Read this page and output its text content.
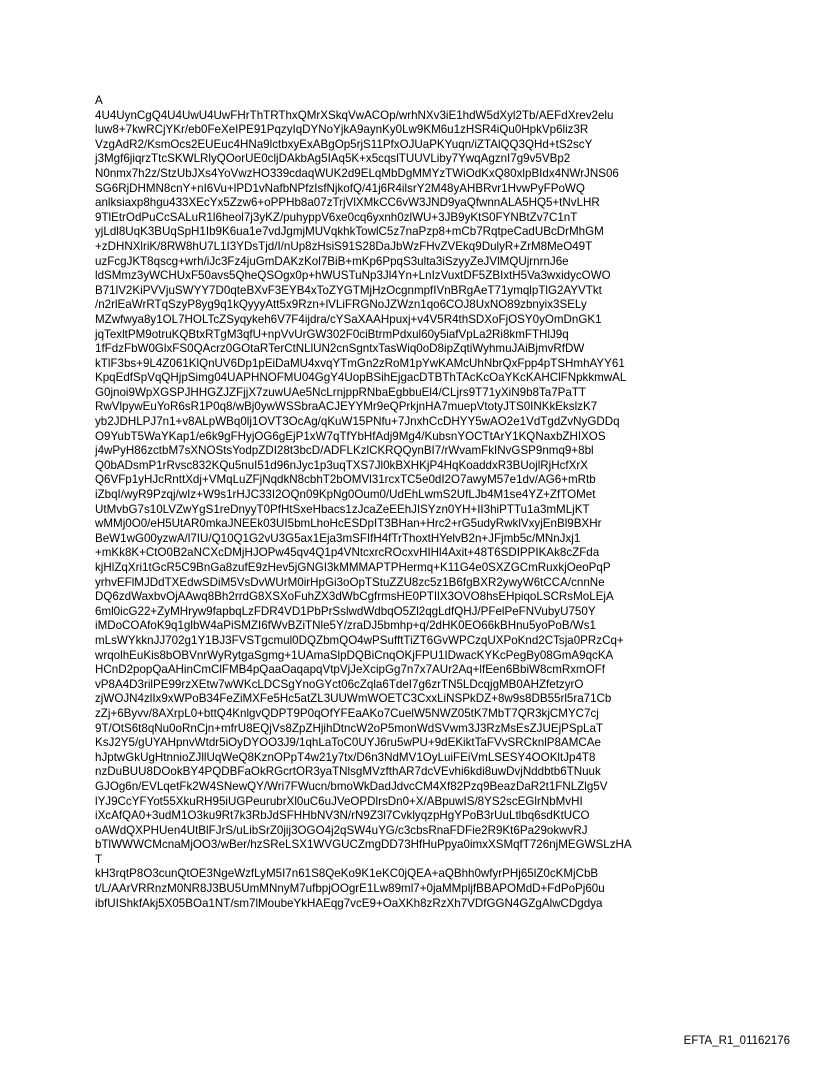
A
4U4UynCgQ4U4UwU4UwFHrThTRThxQMrXSkqVwACOp/wrhNXv3iE1hdW5dXyl2Tb/AEFdXrev2elu
luw8+7kwRCjYKr/eb0FeXeIPE91PqzyIqDYNoYjkA9aynKy0Lw9KM6u1zHSR4iQu0HpkVp6liz3R
VzgAdR2/KsmOcs2EUEuc4HNa9lctbxyExABgOp5rjS11PfxOJUaPKYuqn/iZTAlQQ3QHd+tS2scY
j3Mgf6jiqrzTtcSKWLRlyQOorUE0cljDAkbAg5IAq5K+x5cqslTUUVLiby7YwqAgznI7g9v5VBp2
N0nmx7h2z/StzUbJXs4YoVwzHO339cdaqWUK2d9ELqMbDgMMYzTWiOdKxQ80xlpBIdx4NWrJNS06
SG6RjDHMN8cnY+nI6Vu+lPD1vNafbNPfzIsfNjkofQ/41j6R4ilsrY2M48yAHBRvr1HvwPyFPoWQ
anlksiaxp8hgu433XEcYx5Zzw6+oPPHb8a07zTrjVlXMkCC6vW3JND9yaQfwnnALA5HQ5+tNvLHR
9TlEtrOdPuCcSALuR1l6heol7j3yKZ/puhyppV6xe0cq6yxnh0zlWU+3JB9yKtS0FYNBtZv7C1nT
yjLdl8UqK3BUqSpH1Ib9K6ua1e7vdJgmjMUVqkhkTowlC5z7naPzp8+mCb7RqtpeCadUBcDrMhGM
+zDHNXlriK/8RW8hU7L1I3YDsTjd/I/nUp8zHsiS91S28DaJbWzFHvZVEkq9DulyR+ZrM8MeO49T
uzFcgJKT8qscg+wrh/iJc3Fz4juGmDAKzKol7BiB+mKp6PpqS3ulta3iSzyyZeJVlMQUjrnrnJ6e
ldSMmz3yWCHUxF50avs5QheQSOgx0p+hWUSTuNp3Jl4Yn+LnIzVuxtDF5ZBIxtH5Va3wxidycOWO
B71lV2KiPVVjuSWYY7D0qteBXvF3EYB4xToZYGTMjHzOcgnmpfIVnBRgAeT71ymqlpTlG2AYVTkt
/n2rlEaWrRTqSzyP8yg9q1kQyyyAtt5x9Rzn+lVLiFRGNoJZWzn1qo6COJ8UxNO89zbnyix3SELy
MZwfwya8y1OL7HOLTcZSyqykeh6V7F4ijdra/cYSaXAAHpuxj+v4V5R4thSDXoFjOSY0yOmDnGK1
jqTexltPM9otruKQBtxRTgM3qfU+npVvUrGW302F0ciBtrmPdxul60y5iafVpLa2Ri8kmFTHlJ9q
1fFdzFbW0GlxFS0QAcrz0GOtaRTerCtNLlUN2cnSgntxTasWiq0oD8ipZqtiWyhmuJAiBjmvRfDW
kTlF3bs+9L4Z061KlQnUV6Dp1pEiDaMU4xvqYTmGn2zRoM1pYwKAMcUhNbrQxFpp4pTSHmhAYY61
KpqEdfSpVqQHjpSimg04UAPHNOFMU04GgY4UopBSihEjgacDTBThTAcKcOaYKcKAHClFNpkkmwAL
G0jnoi9WpXGSPJHHGZJZFjjX7zuwUAe5NcLrnjppRNbaEgbbuEl4/CLjrs9T71yXiN9b8Ta7PaTT
RwVlpywEuYoR6sR1P0q8/wBj0ywWSSbraACJEYYMr9eQPrkjnHA7muepVtotyJTS0INKkEkslzK7
yb2JDHLPJ7n1+v8ALpWBq0lj1OVT3OcAg/qKuW15PNfu+7JnxhCcDHYY5wAO2e1VdTgdZvNyGDDq
O9YubT5WaYKap1/e6k9gFHyjOG6gEjP1xW7qTfYbHfAdj9Mg4/KubsnYOCTtArY1KQNaxbZHIXOS
j4wPyH86zctbM7sXNOStsYodpZDI28t3bcD/ADFLKzlCKRQQynBI7/rWvamFkINvGSP9nmq9+8bl
Q0bADsmP1rRvsc832KQu5nuI51d96nJyc1p3uqTXS7Jl0kBXHKjP4HqKoaddxR3BUojlRjHcfXrX
Q6VFp1yHJcRnttXdj+VMqLuZFjNqdkN8cbhT2bOMVl31rcxTC5e0dI2O7awyM57e1dv/AG6+mRtb
iZbqI/wyR9Pzqj/wIz+W9s1rHJC33I2OQn09KpNg0Oum0/UdEhLwmS2UfLJb4M1se4YZ+ZfTOMet
UtMvbG7s10LVZwYgS1reDnyyT0PfHtSxeHbacs1zJcaZeEEhJISYzn0YH+II3hiPTTu1a3mMLjKT
wMMj0O0/eH5UtAR0mkaJNEEk03UI5bmLhoHcESDpIT3BHan+Hrc2+rG5udyRwklVxyjEnBl9BXHr
BeW1wG00yzwA/l7IU/Q10Q1G2vU3G5ax1Eja3mSFIfH4fTrThoxtHYelvB2n+JFjmb5c/MNnJxj1
+mKk8K+CtO0B2aNCXcDMjHJOPw45qv4Q1p4VNtcxrcROcxvHIHl4Axit+48T6SDIPPIKAk8cZFda
kjHlZqXri1tGcR5C9BnGa8zufE9zHev5jGNGI3kMMMAPTPHermq+K11G4e0SXZGCmRuxkjOeoPqP
yrhvEFlMJDdTXEdwSDiM5VsDvWUrM0irHpGi3oOpTStuZZU8zc5z1B6fgBXR2ywyW6tCCA/cnnNe
DQ6zdWaxbvOjAAwq8Bh2rrdG8XSXoFuhZX3dWbCgfrmsHE0PTIlX3OVO8hsEHpiqoLSCRsMoLEjA
6ml0icG22+ZyMHryw9fapbqLzFDR4VD1PbPrSslwdWdbqO5Zl2qgLdfQHJ/PFelPeFNVubyU750Y
iMDoCOAfoK9q1glbW4aPiSMZI6fWvBZiTNle5Y/zraDJ5bmhp+q/2dHK0EO66kBHnu5yoPoB/Ws1
mLsWYkknJJ702g1Y1BJ3FVSTgcmul0DQZbmQO4wPSufftTiZT6GvWPCzqUXPoKnd2CTsja0PRzCq+
wrqolhEuKis8bOBVnrWyRytgaSgmg+1UAmaSlpDQBiCnqOKjFPU1IDwacKYKcPegBy08GmA9qcKA
HCnD2popQaAHinCmClFMB4pQaaOaqapqVtpVjJeXcipGg7n7x7AUr2Aq+lfEen6BbiW8cmRxmOFf
vP8A4D3rilPE99rzXEtw7wWKcLDCSgYnoGYct06cZqla6TdeI7g6zrTN5LDcqjgMB0AHZfetzyrO
zjWOJN4zlIx9xWPoB34FeZiMXFe5Hc5atZL3UUWmWOETC3CxxLiNSPkDZ+8w9s8DB55rl5ra71Cb
zZj+6Byvv/8AXrpL0+bttQ4KnlgvQDPT9P0qOfYFEaAKo7CuelW5NWZ05tK7MbT7QR3kjCMYC7cj
9T/OtS6t8qNu0oRnCjn+mfrU8EQjVs8ZpZHjihDtncW2oP5monWdSVwm3J3RzMsEsZJUEjPSpLaT
KsJ2Y5/gUYAHpnvWtdr5iOyDYOO3J9/1qhLaToC0UYJ6ru5wPU+9dEKiktTaFVvSRCknlP8AMCAe
hJptwGkUgHtnnioZJllUqWeQ8KznOPpT4w21y7tx/D6n3NdMV1OyLuiFEiVmLSESY4OOKltJp4T8
nzDuBUU8DOokBY4PQDBFaOkRGcrtOR3yaTNlsgMVzfthAR7dcVEvhi6kdi8uwDvjNddbtb6TNuuk
GJOg6n/EVLqetFk2W4SNewQY/Wri7FWucn/bmoWkDadJdvcCM4Xf82Pzq9BeazDaR2t1FNLZlg5V
lYJ9CcYFYot55XkuRH95iUGPeurubrXl0uC6uJVeOPDlrsDn0+X/ABpuwIS/8YS2scEGlrNbMvHI
iXcAfQA0+3udM1O3ku9Rt7k3RbJdSFHHbNV3N/rN9Z3l7CvklyqzpHgYPoB3rUuLtlbq6sdKtUCO
oAWdQXPHUen4UtBlFJrS/uLibSrZ0jij3OGO4j2qSW4uYG/c3cbsRnaFDFie2R9Kt6Pa29okwvRJ
bTlWWWCMcnaMjOO3/wBer/hzSReLSX1WVGUCZmgDD73HfHuPpya0imxXSMqfT726njMEGWSLzHA
T
kH3rqtP8O3cunQtOE3NgeWzfLyM5I7n61S8QeKo9K1eKC0jQEA+aQBhh0wfyrPHj65lZ0cKMjCbB
t/L/AArVRRnzM0NR8J3BU5UmMNnyM7ufbpjOOgrE1Lw89ml7+0jaMMpljfBBAPOMdD+FdPoPj60u
ibfUIShkfAkj5X05BOa1NT/sm7lMoubeYkHAEqg7vcE9+OaXKh8zRzXh7VDfGGN4GZgAlwCDgdya
EFTA_R1_01162176
